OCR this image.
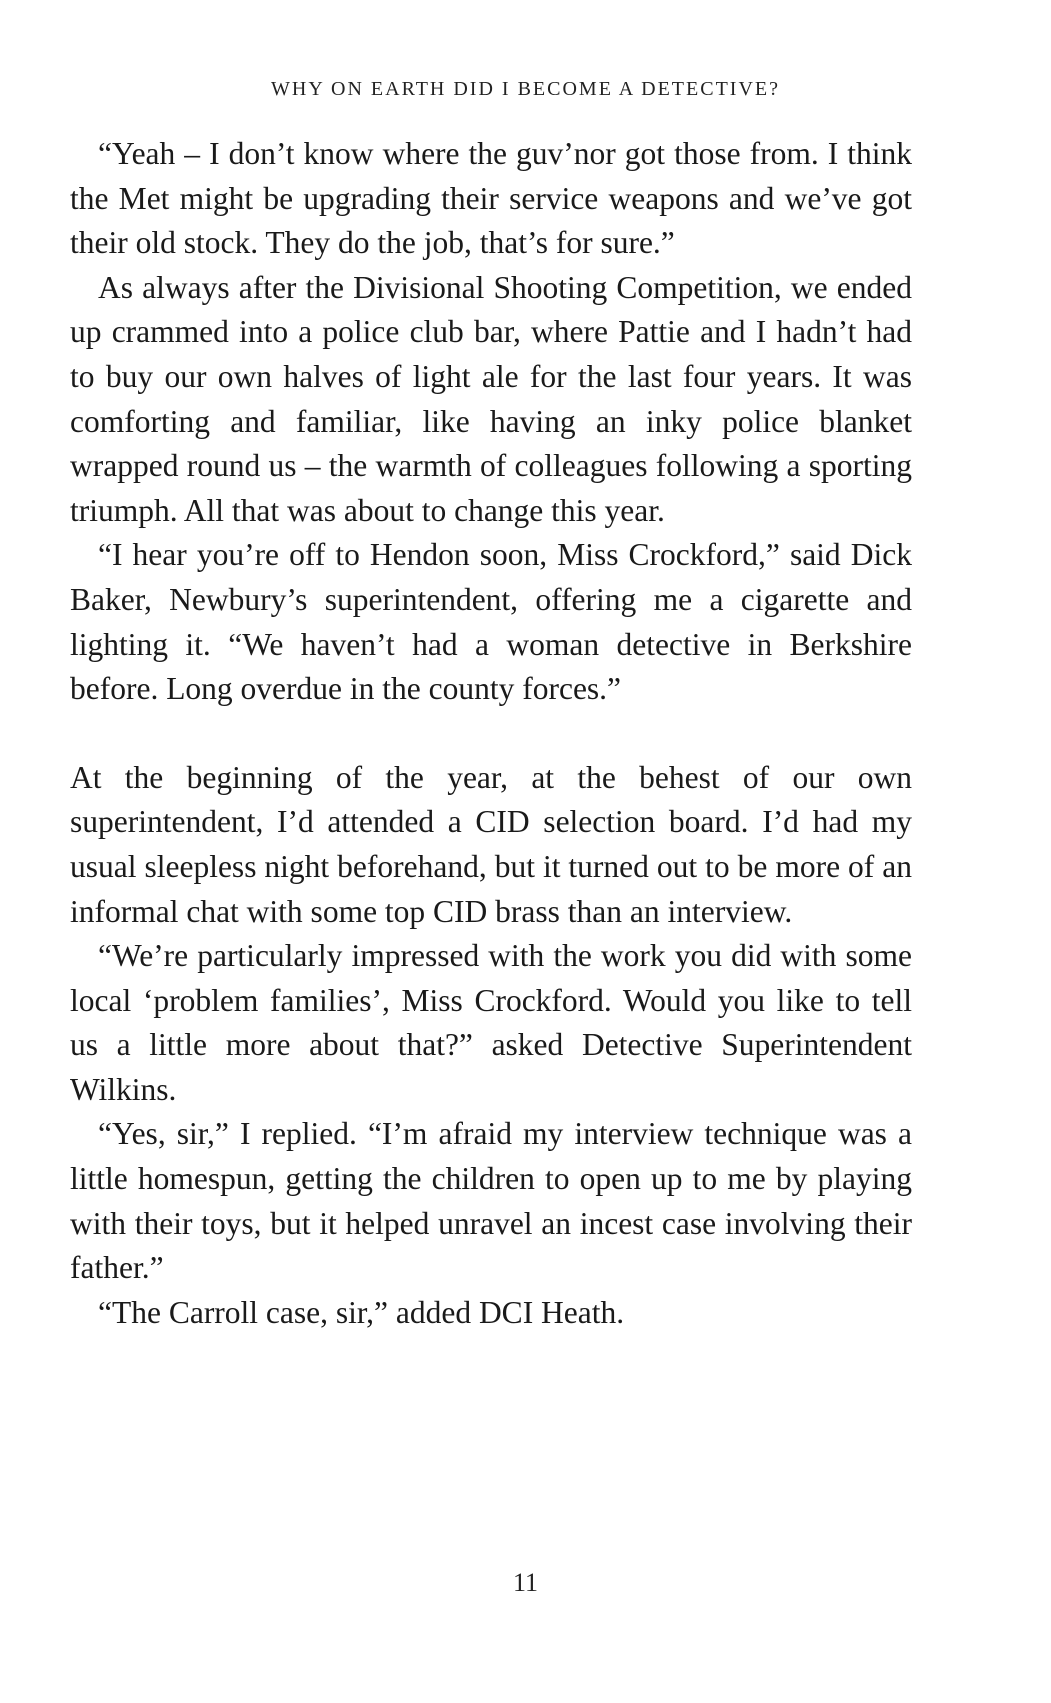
WHY ON EARTH DID I BECOME A DETECTIVE?

“Yeah – I don’t know where the guv’nor got those from. I think the Met might be upgrading their service weapons and we’ve got their old stock. They do the job, that’s for sure.”

As always after the Divisional Shooting Competition, we ended up crammed into a police club bar, where Pattie and I hadn’t had to buy our own halves of light ale for the last four years. It was comforting and familiar, like having an inky police blanket wrapped round us – the warmth of colleagues following a sporting triumph. All that was about to change this year.

“I hear you’re off to Hendon soon, Miss Crockford,” said Dick Baker, Newbury’s superintendent, offering me a cigarette and lighting it. “We haven’t had a woman detective in Berkshire before. Long overdue in the county forces.”

At the beginning of the year, at the behest of our own superintendent, I’d attended a CID selection board. I’d had my usual sleepless night beforehand, but it turned out to be more of an informal chat with some top CID brass than an interview.

“We’re particularly impressed with the work you did with some local ‘problem families’, Miss Crockford. Would you like to tell us a little more about that?” asked Detective Superintendent Wilkins.

“Yes, sir,” I replied. “I’m afraid my interview technique was a little homespun, getting the children to open up to me by playing with their toys, but it helped unravel an incest case involving their father.”

“The Carroll case, sir,” added DCI Heath.

11
